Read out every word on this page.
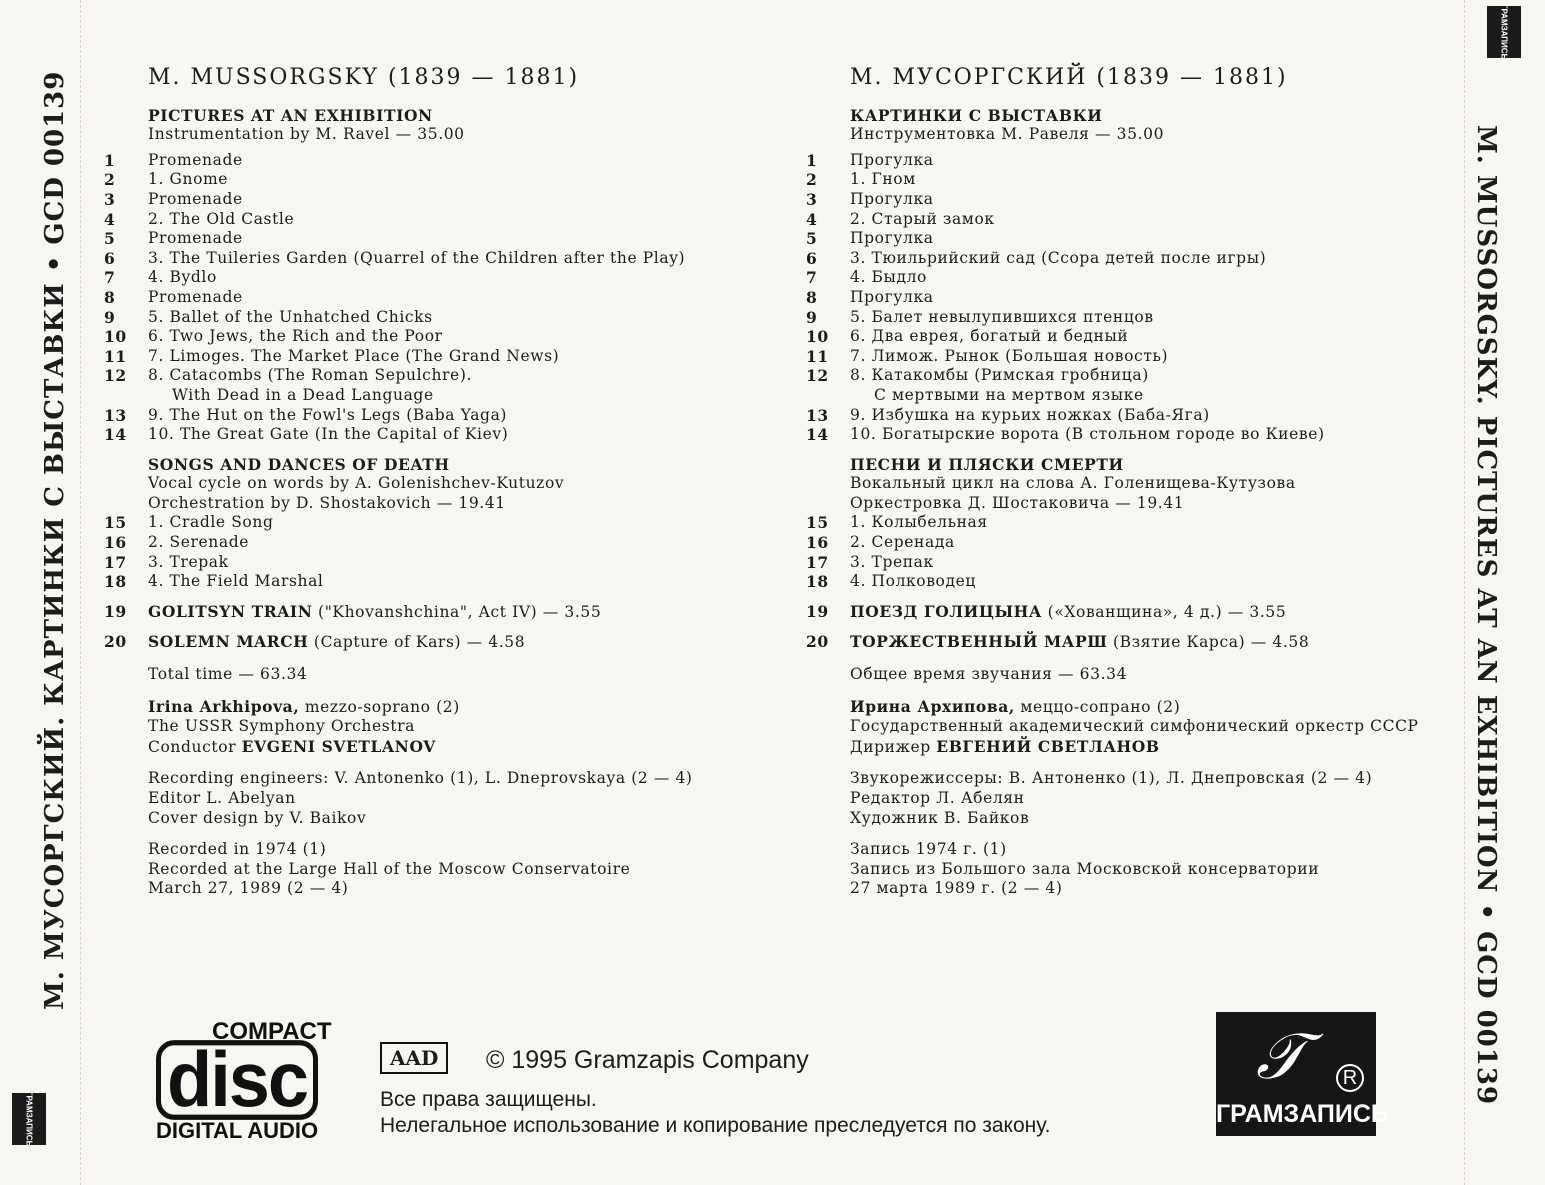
М. МУСОРГСКИЙ. КАРТИНКИ С ВЫСТАВКИ • GCD 00139
ГРАМЗАПИСЬ
M. MUSSORGSKY. PICTURES AT AN EXHIBITION • GCD 00139
ГРАМЗАПИСЬ
M. MUSSORGSKY (1839 — 1881)
PICTURES AT AN EXHIBITION
Instrumentation by M. Ravel — 35.00
1	Promenade
2	1. Gnome
3	Promenade
4	2. The Old Castle
5	Promenade
6	3. The Tuileries Garden (Quarrel of the Children after the Play)
7	4. Bydlo
8	Promenade
9	5. Ballet of the Unhatched Chicks
10	6. Two Jews, the Rich and the Poor
11	7. Limoges. The Market Place (The Grand News)
12	8. Catacombs (The Roman Sepulchre).
With Dead in a Dead Language
13	9. The Hut on the Fowl's Legs (Baba Yaga)
14	10. The Great Gate (In the Capital of Kiev)
SONGS AND DANCES OF DEATH
Vocal cycle on words by A. Golenishchev-Kutuzov
Orchestration by D. Shostakovich — 19.41
15	1. Cradle Song
16	2. Serenade
17	3. Trepak
18	4. The Field Marshal
19	GOLITSYN TRAIN ("Khovanshchina", Act IV) — 3.55
20	SOLEMN MARCH (Capture of Kars) — 4.58
Total time — 63.34
Irina Arkhipova, mezzo-soprano (2)
The USSR Symphony Orchestra
Conductor EVGENI SVETLANOV
Recording engineers: V. Antonenko (1), L. Dneprovskaya (2 — 4)
Editor L. Abelyan
Cover design by V. Baikov
Recorded in 1974 (1)
Recorded at the Large Hall of the Moscow Conservatoire
March 27, 1989 (2 — 4)
М. МУСОРГСКИЙ (1839 — 1881)
КАРТИНКИ С ВЫСТАВКИ
Инструментовка М. Равеля — 35.00
1	Прогулка
2	1. Гном
3	Прогулка
4	2. Старый замок
5	Прогулка
6	3. Тюильрийский сад (Ссора детей после игры)
7	4. Быдло
8	Прогулка
9	5. Балет невылупившихся птенцов
10	6. Два еврея, богатый и бедный
11	7. Лимож. Рынок (Большая новость)
12	8. Катакомбы (Римская гробница)
С мертвыми на мертвом языке
13	9. Избушка на курьих ножках (Баба-Яга)
14	10. Богатырские ворота (В стольном городе во Киеве)
ПЕСНИ И ПЛЯСКИ СМЕРТИ
Вокальный цикл на слова А. Голенищева-Кутузова
Оркестровка Д. Шостаковича — 19.41
15	1. Колыбельная
16	2. Серенада
17	3. Трепак
18	4. Полководец
19	ПОЕЗД ГОЛИЦЫНА («Хованщина», 4 д.) — 3.55
20	ТОРЖЕСТВЕННЫЙ МАРШ (Взятие Карса) — 4.58
Общее время звучания — 63.34
Ирина Архипова, меццо-сопрано (2)
Государственный академический симфонический оркестр СССР
Дирижер ЕВГЕНИЙ СВЕТЛАНОВ
Звукорежиссеры: В. Антоненко (1), Л. Днепровская (2 — 4)
Редактор Л. Абелян
Художник В. Байков
Запись 1974 г. (1)
Запись из Большого зала Московской консерватории
27 марта 1989 г. (2 — 4)
COMPACT
disc
DIGITAL AUDIO
AAD	© 1995 Gramzapis Company
Все права защищены.
Нелегальное использование и копирование преследуется по закону.
𝒯	R
ГРАМЗАПИСЬ
